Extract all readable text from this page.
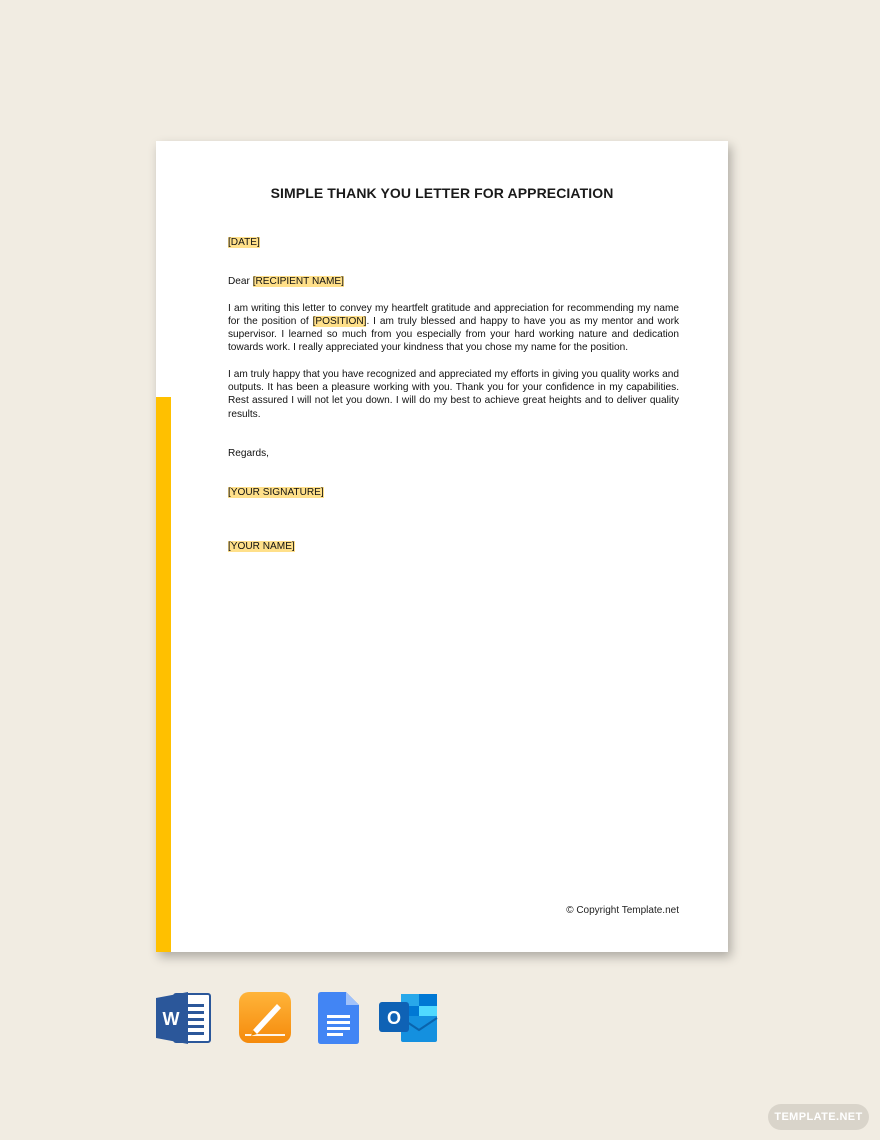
SIMPLE THANK YOU LETTER FOR APPRECIATION

[DATE]

Dear [RECIPIENT NAME]

I am writing this letter to convey my heartfelt gratitude and appreciation for recommending my name for the position of [POSITION]. I am truly blessed and happy to have you as my mentor and work supervisor. I learned so much from you especially from your hard working nature and dedication towards work. I really appreciated your kindness that you chose my name for the position.

I am truly happy that you have recognized and appreciated my efforts in giving you quality works and outputs. It has been a pleasure working with you. Thank you for your confidence in my capabilities. Rest assured I will not let you down. I will do my best to achieve great heights and to deliver quality results.

Regards,

[YOUR SIGNATURE]

[YOUR NAME]

© Copyright Template.net
W	O
TEMPLATE.NET
